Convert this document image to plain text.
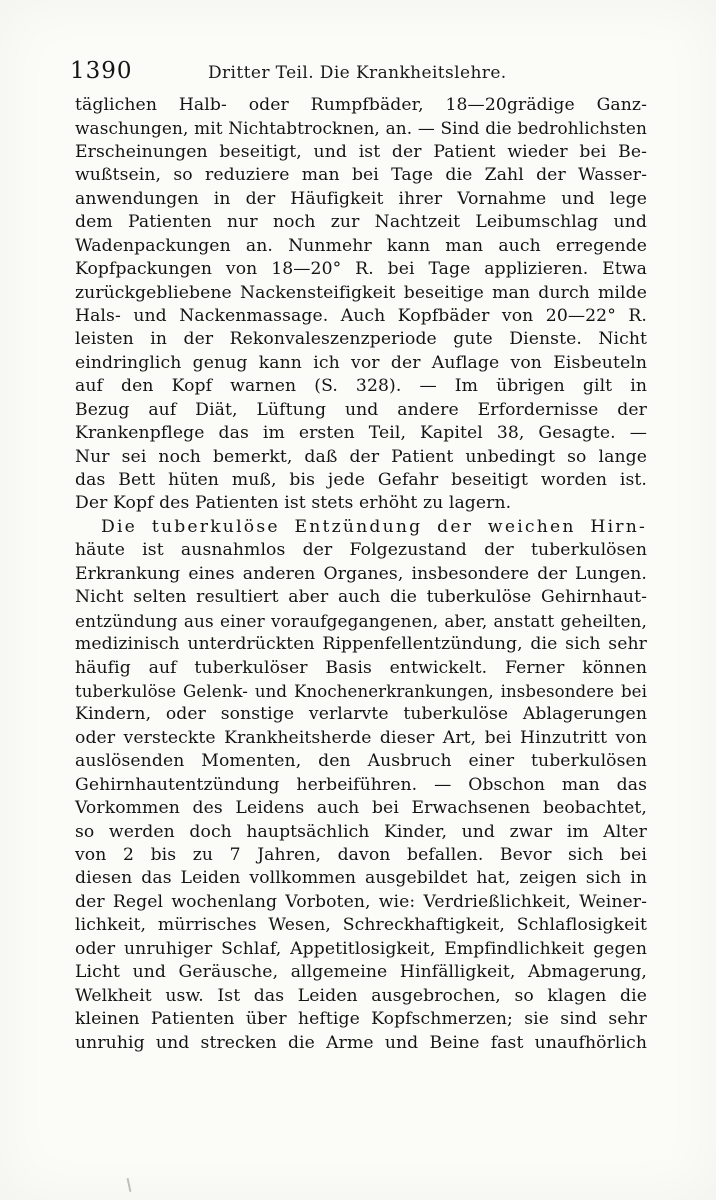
1390	Dritter Teil. Die Krankheitslehre.
täglichen Halb- oder Rumpfbäder, 18—20grädige Ganz-
waschungen, mit Nichtabtrocknen, an. — Sind die bedrohlichsten
Erscheinungen beseitigt, und ist der Patient wieder bei Be-
wußtsein, so reduziere man bei Tage die Zahl der Wasser-
anwendungen in der Häufigkeit ihrer Vornahme und lege
dem Patienten nur noch zur Nachtzeit Leibumschlag und
Wadenpackungen an. Nunmehr kann man auch erregende
Kopfpackungen von 18—20° R. bei Tage applizieren. Etwa
zurückgebliebene Nackensteifigkeit beseitige man durch milde
Hals- und Nackenmassage. Auch Kopfbäder von 20—22° R.
leisten in der Rekonvaleszenzperiode gute Dienste. Nicht
eindringlich genug kann ich vor der Auflage von Eisbeuteln
auf den Kopf warnen (S. 328). — Im übrigen gilt in
Bezug auf Diät, Lüftung und andere Erfordernisse der
Krankenpflege das im ersten Teil, Kapitel 38, Gesagte. —
Nur sei noch bemerkt, daß der Patient unbedingt so lange
das Bett hüten muß, bis jede Gefahr beseitigt worden ist.
Der Kopf des Patienten ist stets erhöht zu lagern.
Die tuberkulöse Entzündung der weichen Hirn-
häute ist ausnahmlos der Folgezustand der tuberkulösen
Erkrankung eines anderen Organes, insbesondere der Lungen.
Nicht selten resultiert aber auch die tuberkulöse Gehirnhaut-
entzündung aus einer voraufgegangenen, aber, anstatt geheilten,
medizinisch unterdrückten Rippenfellentzündung, die sich sehr
häufig auf tuberkulöser Basis entwickelt. Ferner können
tuberkulöse Gelenk- und Knochenerkrankungen, insbesondere bei
Kindern, oder sonstige verlarvte tuberkulöse Ablagerungen
oder versteckte Krankheitsherde dieser Art, bei Hinzutritt von
auslösenden Momenten, den Ausbruch einer tuberkulösen
Gehirnhautentzündung herbeiführen. — Obschon man das
Vorkommen des Leidens auch bei Erwachsenen beobachtet,
so werden doch hauptsächlich Kinder, und zwar im Alter
von 2 bis zu 7 Jahren, davon befallen. Bevor sich bei
diesen das Leiden vollkommen ausgebildet hat, zeigen sich in
der Regel wochenlang Vorboten, wie: Verdrießlichkeit, Weiner-
lichkeit, mürrisches Wesen, Schreckhaftigkeit, Schlaflosigkeit
oder unruhiger Schlaf, Appetitlosigkeit, Empfindlichkeit gegen
Licht und Geräusche, allgemeine Hinfälligkeit, Abmagerung,
Welkheit usw. Ist das Leiden ausgebrochen, so klagen die
kleinen Patienten über heftige Kopfschmerzen; sie sind sehr
unruhig und strecken die Arme und Beine fast unaufhörlich
